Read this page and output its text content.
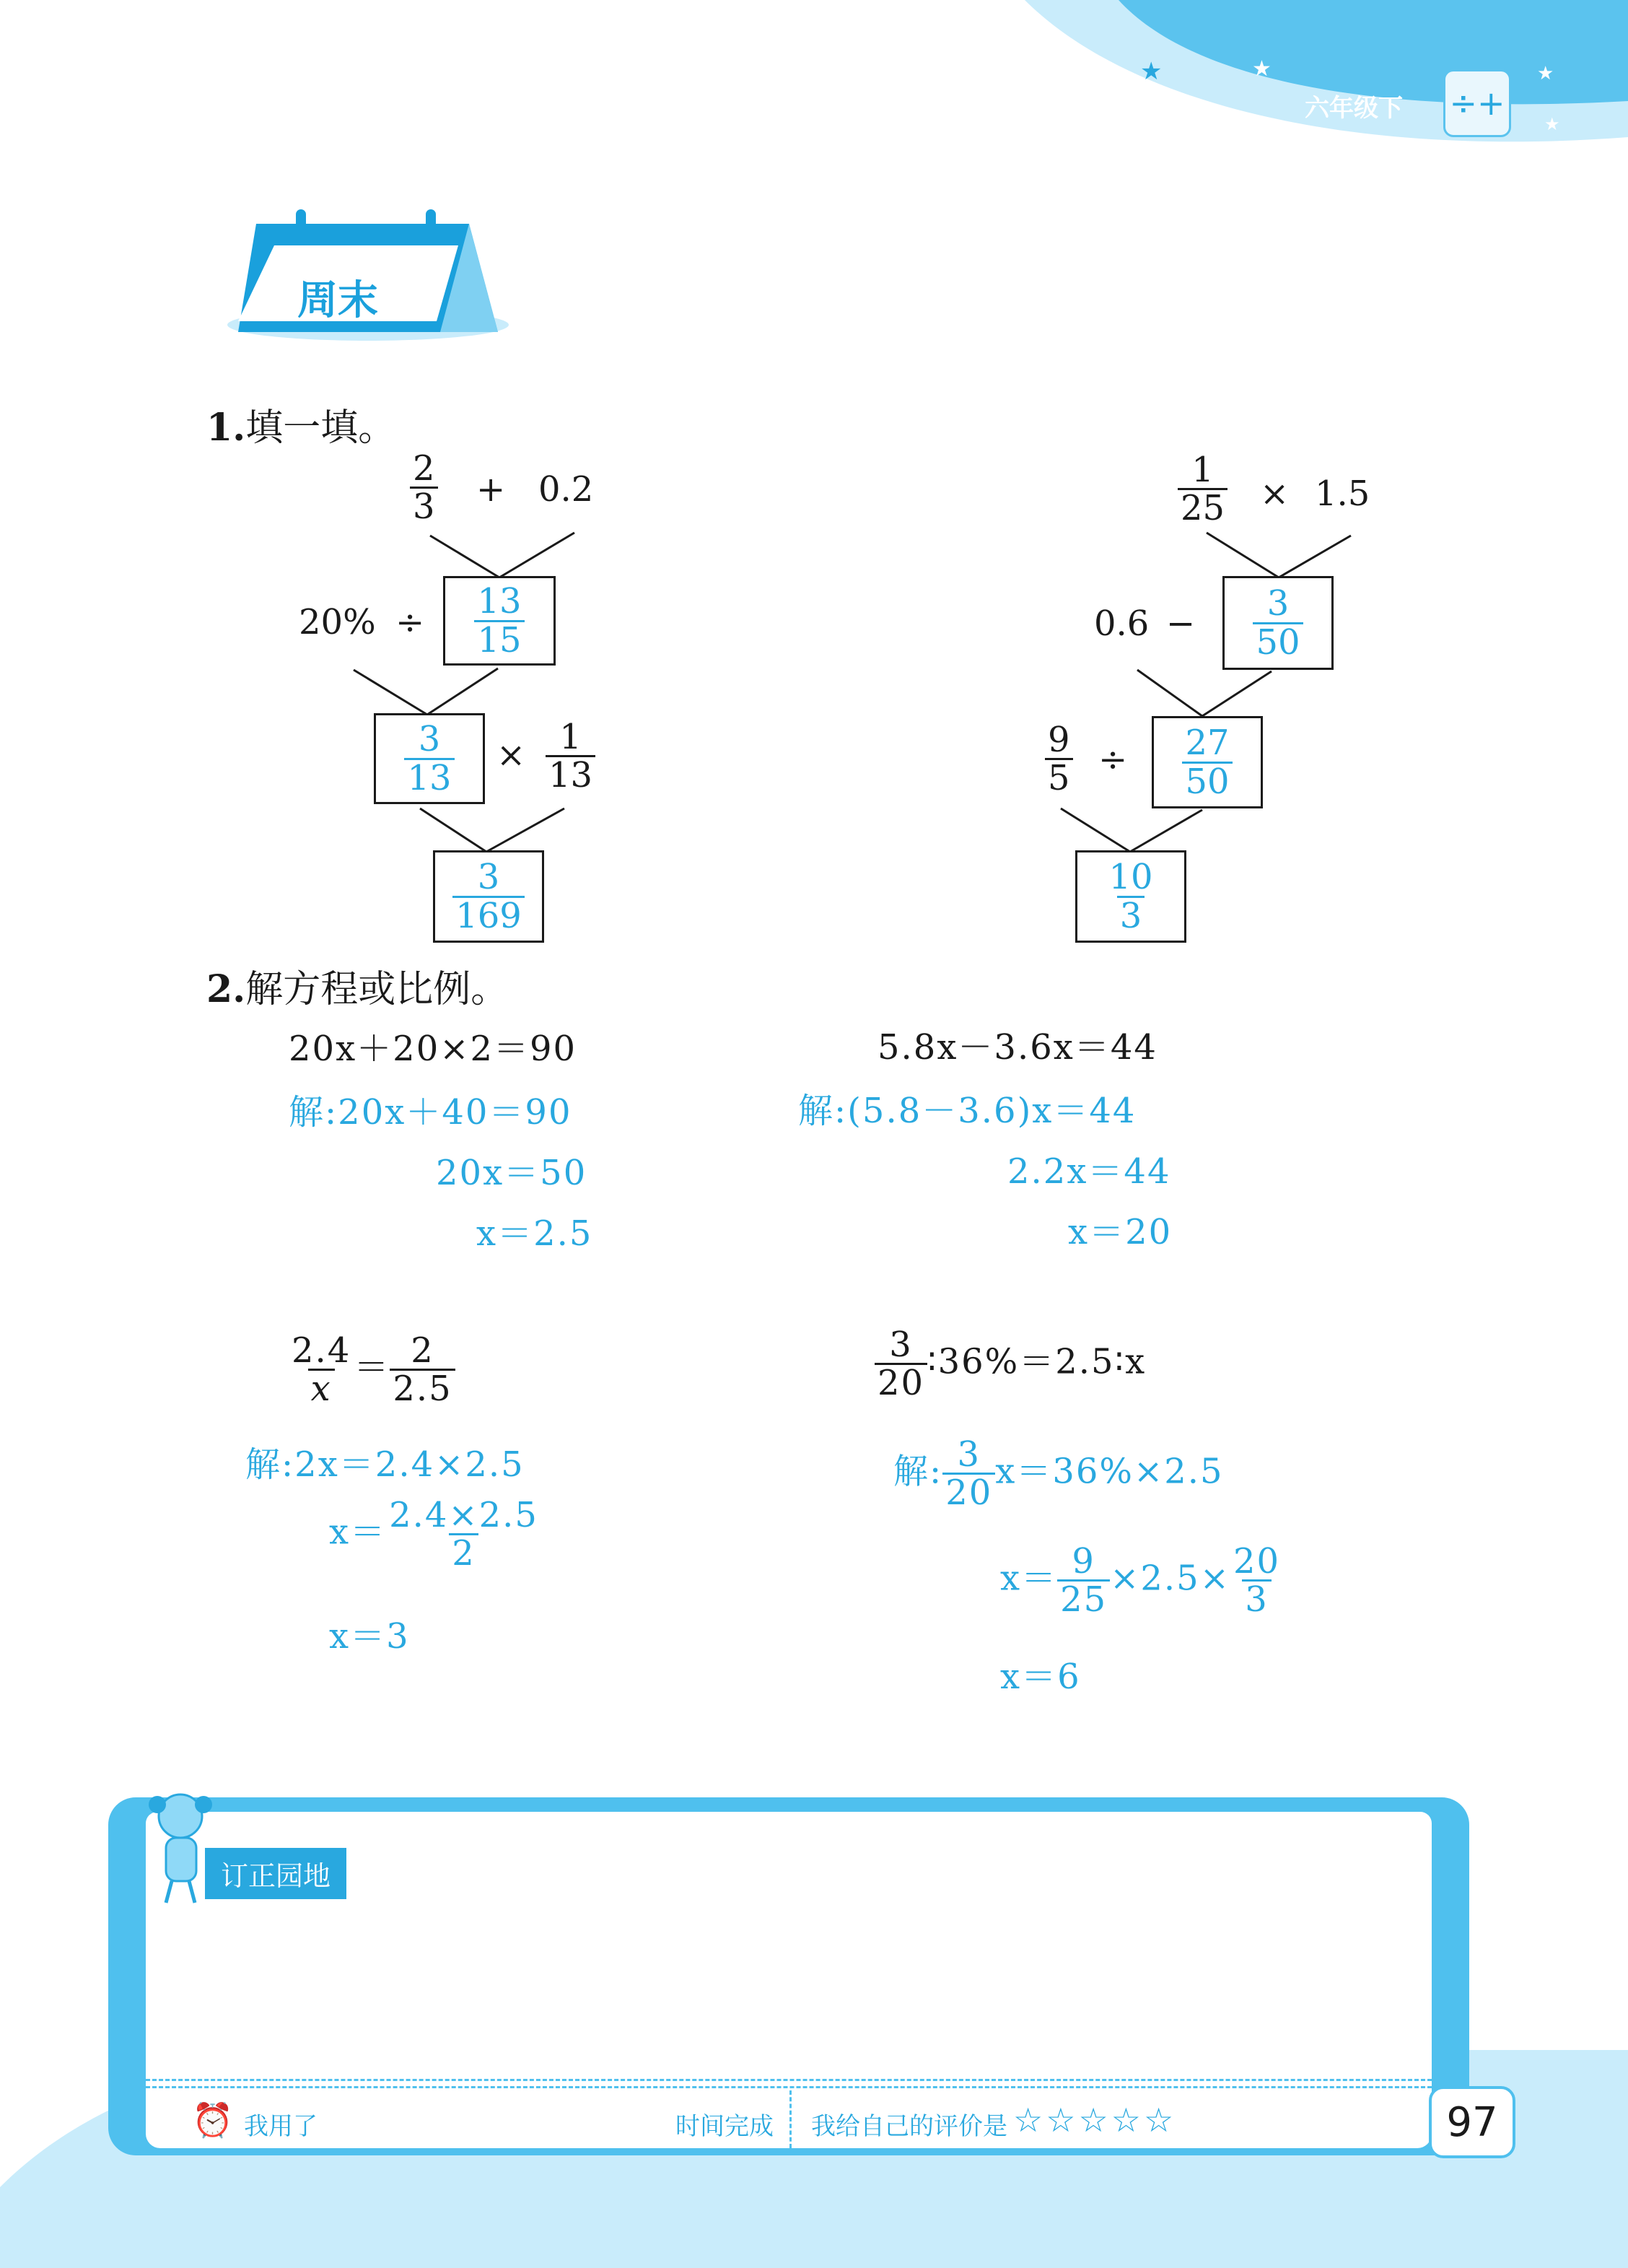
★	★	★
★
六年级下 ÷+
周末
1.填一填。
$\frac{2}{3} + 0.2$
$20\% \div \frac{13}{15}$
$\frac{3}{13} \times \frac{1}{13}$
$\frac{3}{169}$
$\frac{1}{25} \times 1.5$
$0.6 - \frac{3}{50}$
$\frac{9}{5} \div \frac{27}{50}$
$\frac{10}{3}$
2.解方程或比例。
20x＋20×2＝90
解:20x＋40＝90
20x＝50
x＝2.5
5.8x－3.6x＝44
解:(5.8－3.6)x＝44
2.2x＝44
x＝20
$\frac{2.4}{x} = \frac{2}{2.5}$
解:2x＝2.4×2.5
$x= \frac{2.4\times 2.5}{2}$
x＝3
$\frac{3}{20}$ ∶36%＝2.5∶x
解: $\frac{3}{20} x=36\%\times 2.5$
$x= \frac{9}{25} \times 2.5\times \frac{20}{3}$
x＝6
订正园地
⏰ 我用了	时间完成 我给自己的评价是 ☆☆☆☆☆	97
